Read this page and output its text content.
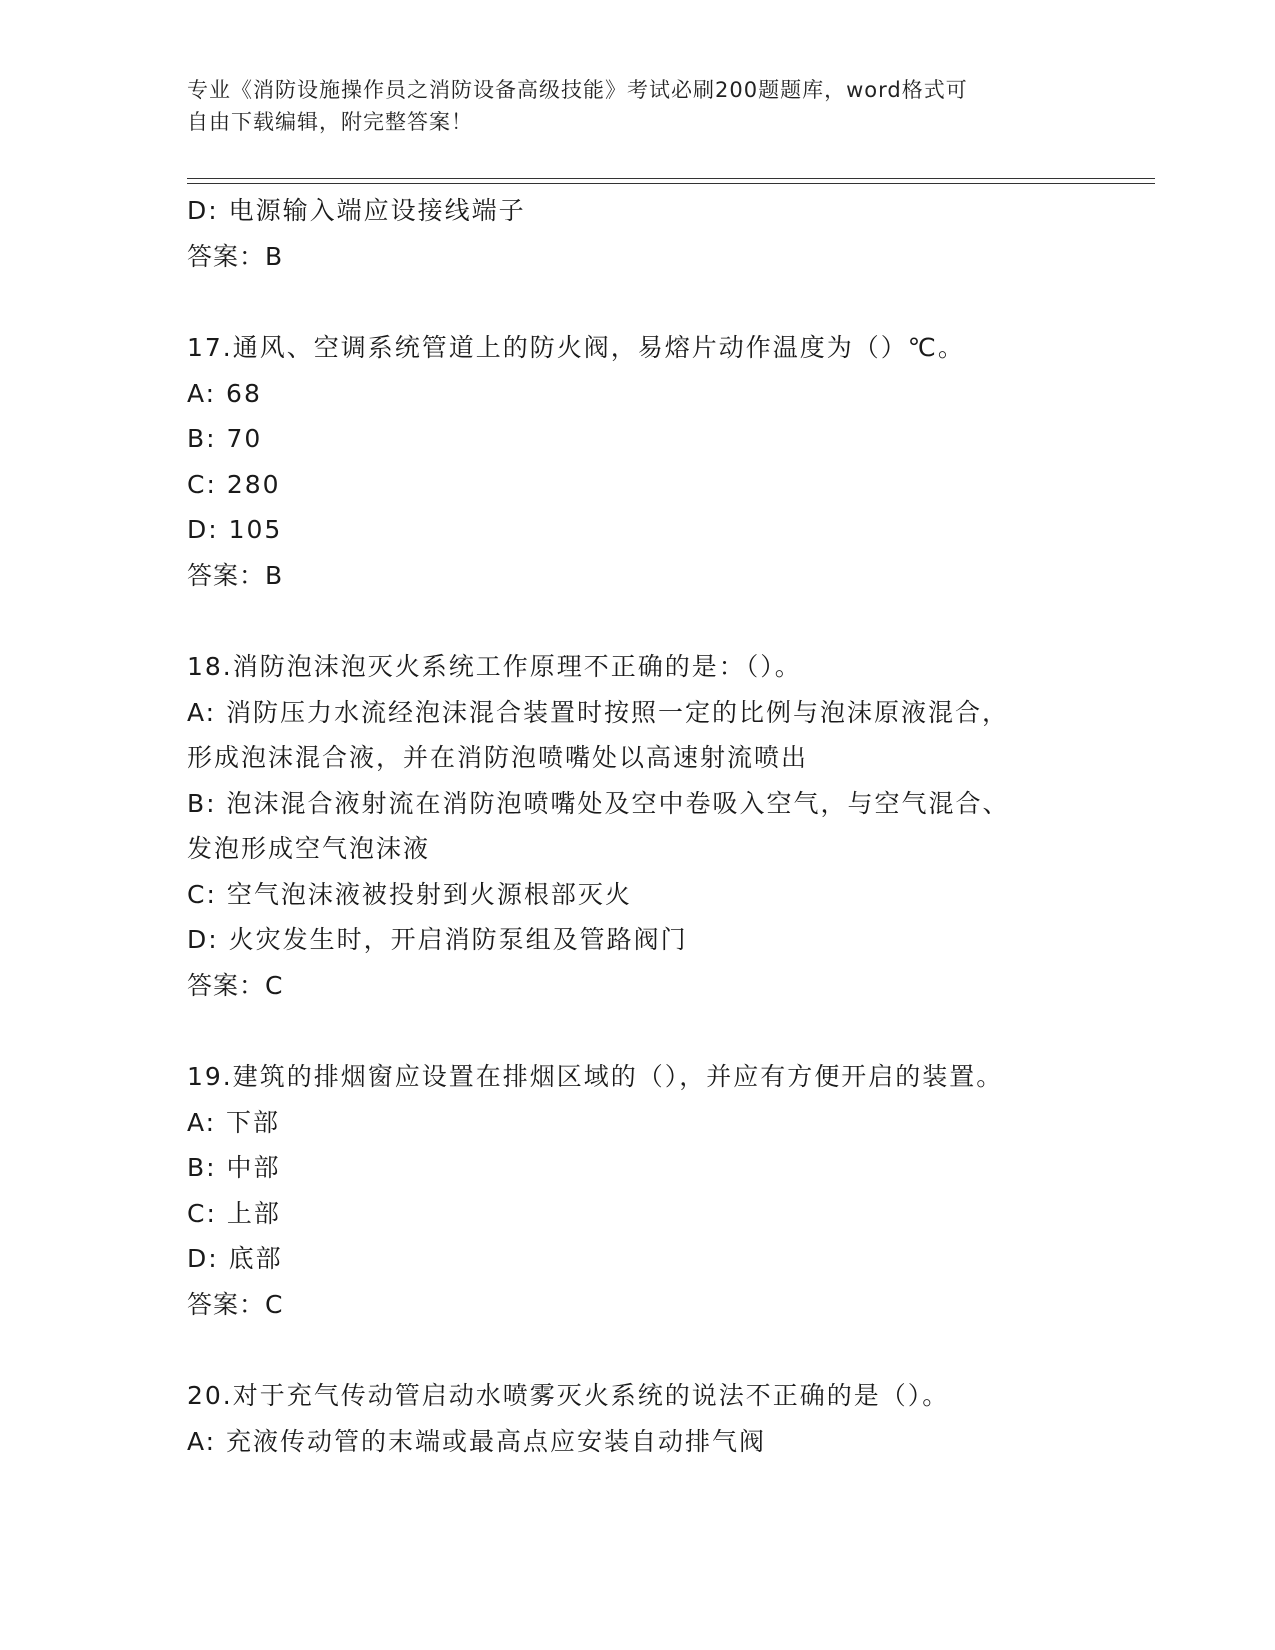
专业《消防设施操作员之消防设备高级技能》考试必刷200题题库，word格式可
自由下载编辑，附完整答案！
D: 电源输入端应设接线端子
答案：B
17.通风、空调系统管道上的防火阀，易熔片动作温度为（）℃。
A: 68
B: 70
C: 280
D: 105
答案：B
18.消防泡沫泡灭火系统工作原理不正确的是：（）。
A: 消防压力水流经泡沫混合装置时按照一定的比例与泡沫原液混合，
形成泡沫混合液，并在消防泡喷嘴处以高速射流喷出
B: 泡沫混合液射流在消防泡喷嘴处及空中卷吸入空气，与空气混合、
发泡形成空气泡沫液
C: 空气泡沫液被投射到火源根部灭火
D: 火灾发生时，开启消防泵组及管路阀门
答案：C
19.建筑的排烟窗应设置在排烟区域的（），并应有方便开启的装置。
A: 下部
B: 中部
C: 上部
D: 底部
答案：C
20.对于充气传动管启动水喷雾灭火系统的说法不正确的是（）。
A: 充液传动管的末端或最高点应安装自动排气阀
